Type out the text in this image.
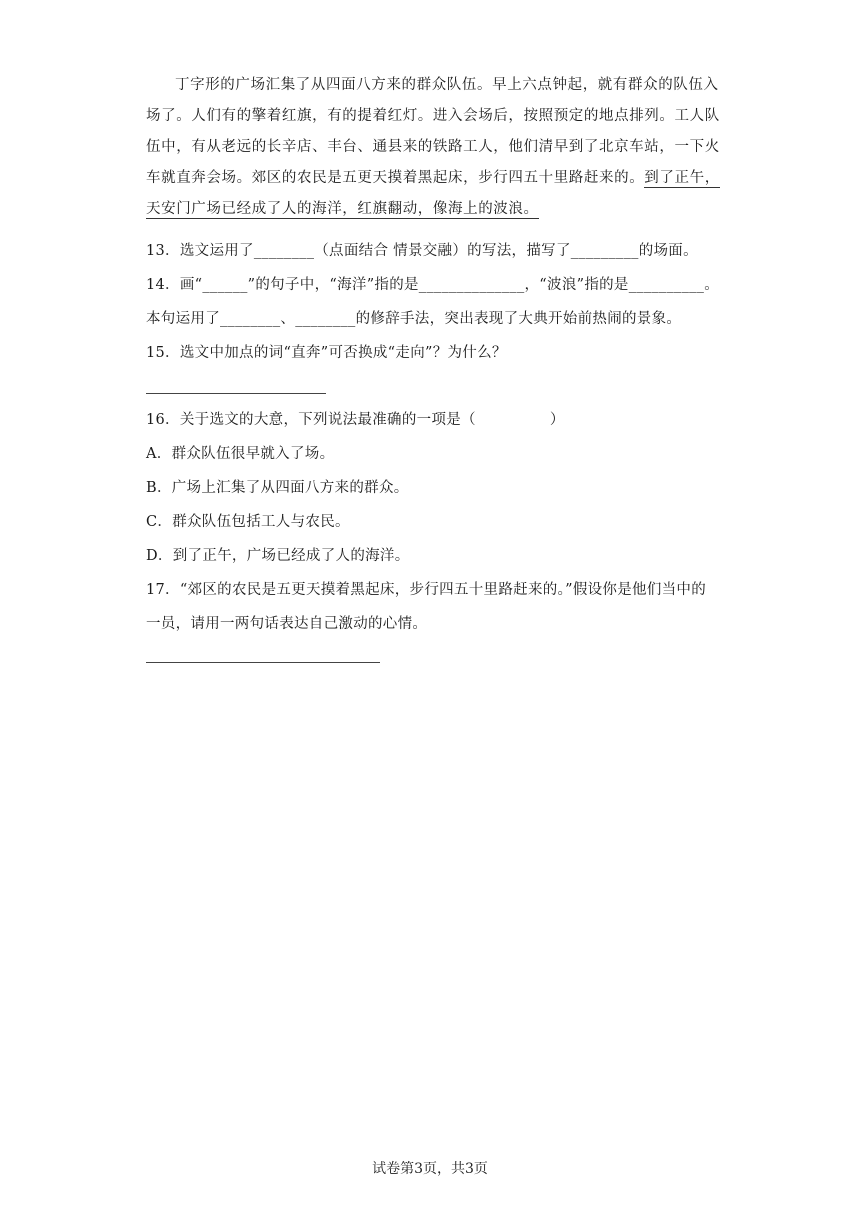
丁字形的广场汇集了从四面八方来的群众队伍。早上六点钟起，就有群众的队伍入
场了。人们有的擎着红旗，有的提着红灯。进入会场后，按照预定的地点排列。工人队
伍中，有从老远的长辛店、丰台、通县来的铁路工人，他们清早到了北京车站，一下火
车就直奔会场。郊区的农民是五更天摸着黑起床，步行四五十里路赶来的。到了正午，
天安门广场已经成了人的海洋，红旗翻动，像海上的波浪。
13．选文运用了________（点面结合 情景交融）的写法，描写了_________的场面。
14．画“______”的句子中，“海洋”指的是______________，“波浪”指的是__________。
本句运用了________、________的修辞手法，突出表现了大典开始前热闹的景象。
15．选文中加点的词“直奔”可否换成“走向”？为什么？
16．关于选文的大意，下列说法最准确的一项是（　　　　　）
A．群众队伍很早就入了场。
B．广场上汇集了从四面八方来的群众。
C．群众队伍包括工人与农民。
D．到了正午，广场已经成了人的海洋。
17．“郊区的农民是五更天摸着黑起床，步行四五十里路赶来的。”假设你是他们当中的
一员，请用一两句话表达自己激动的心情。
试卷第3页，共3页
